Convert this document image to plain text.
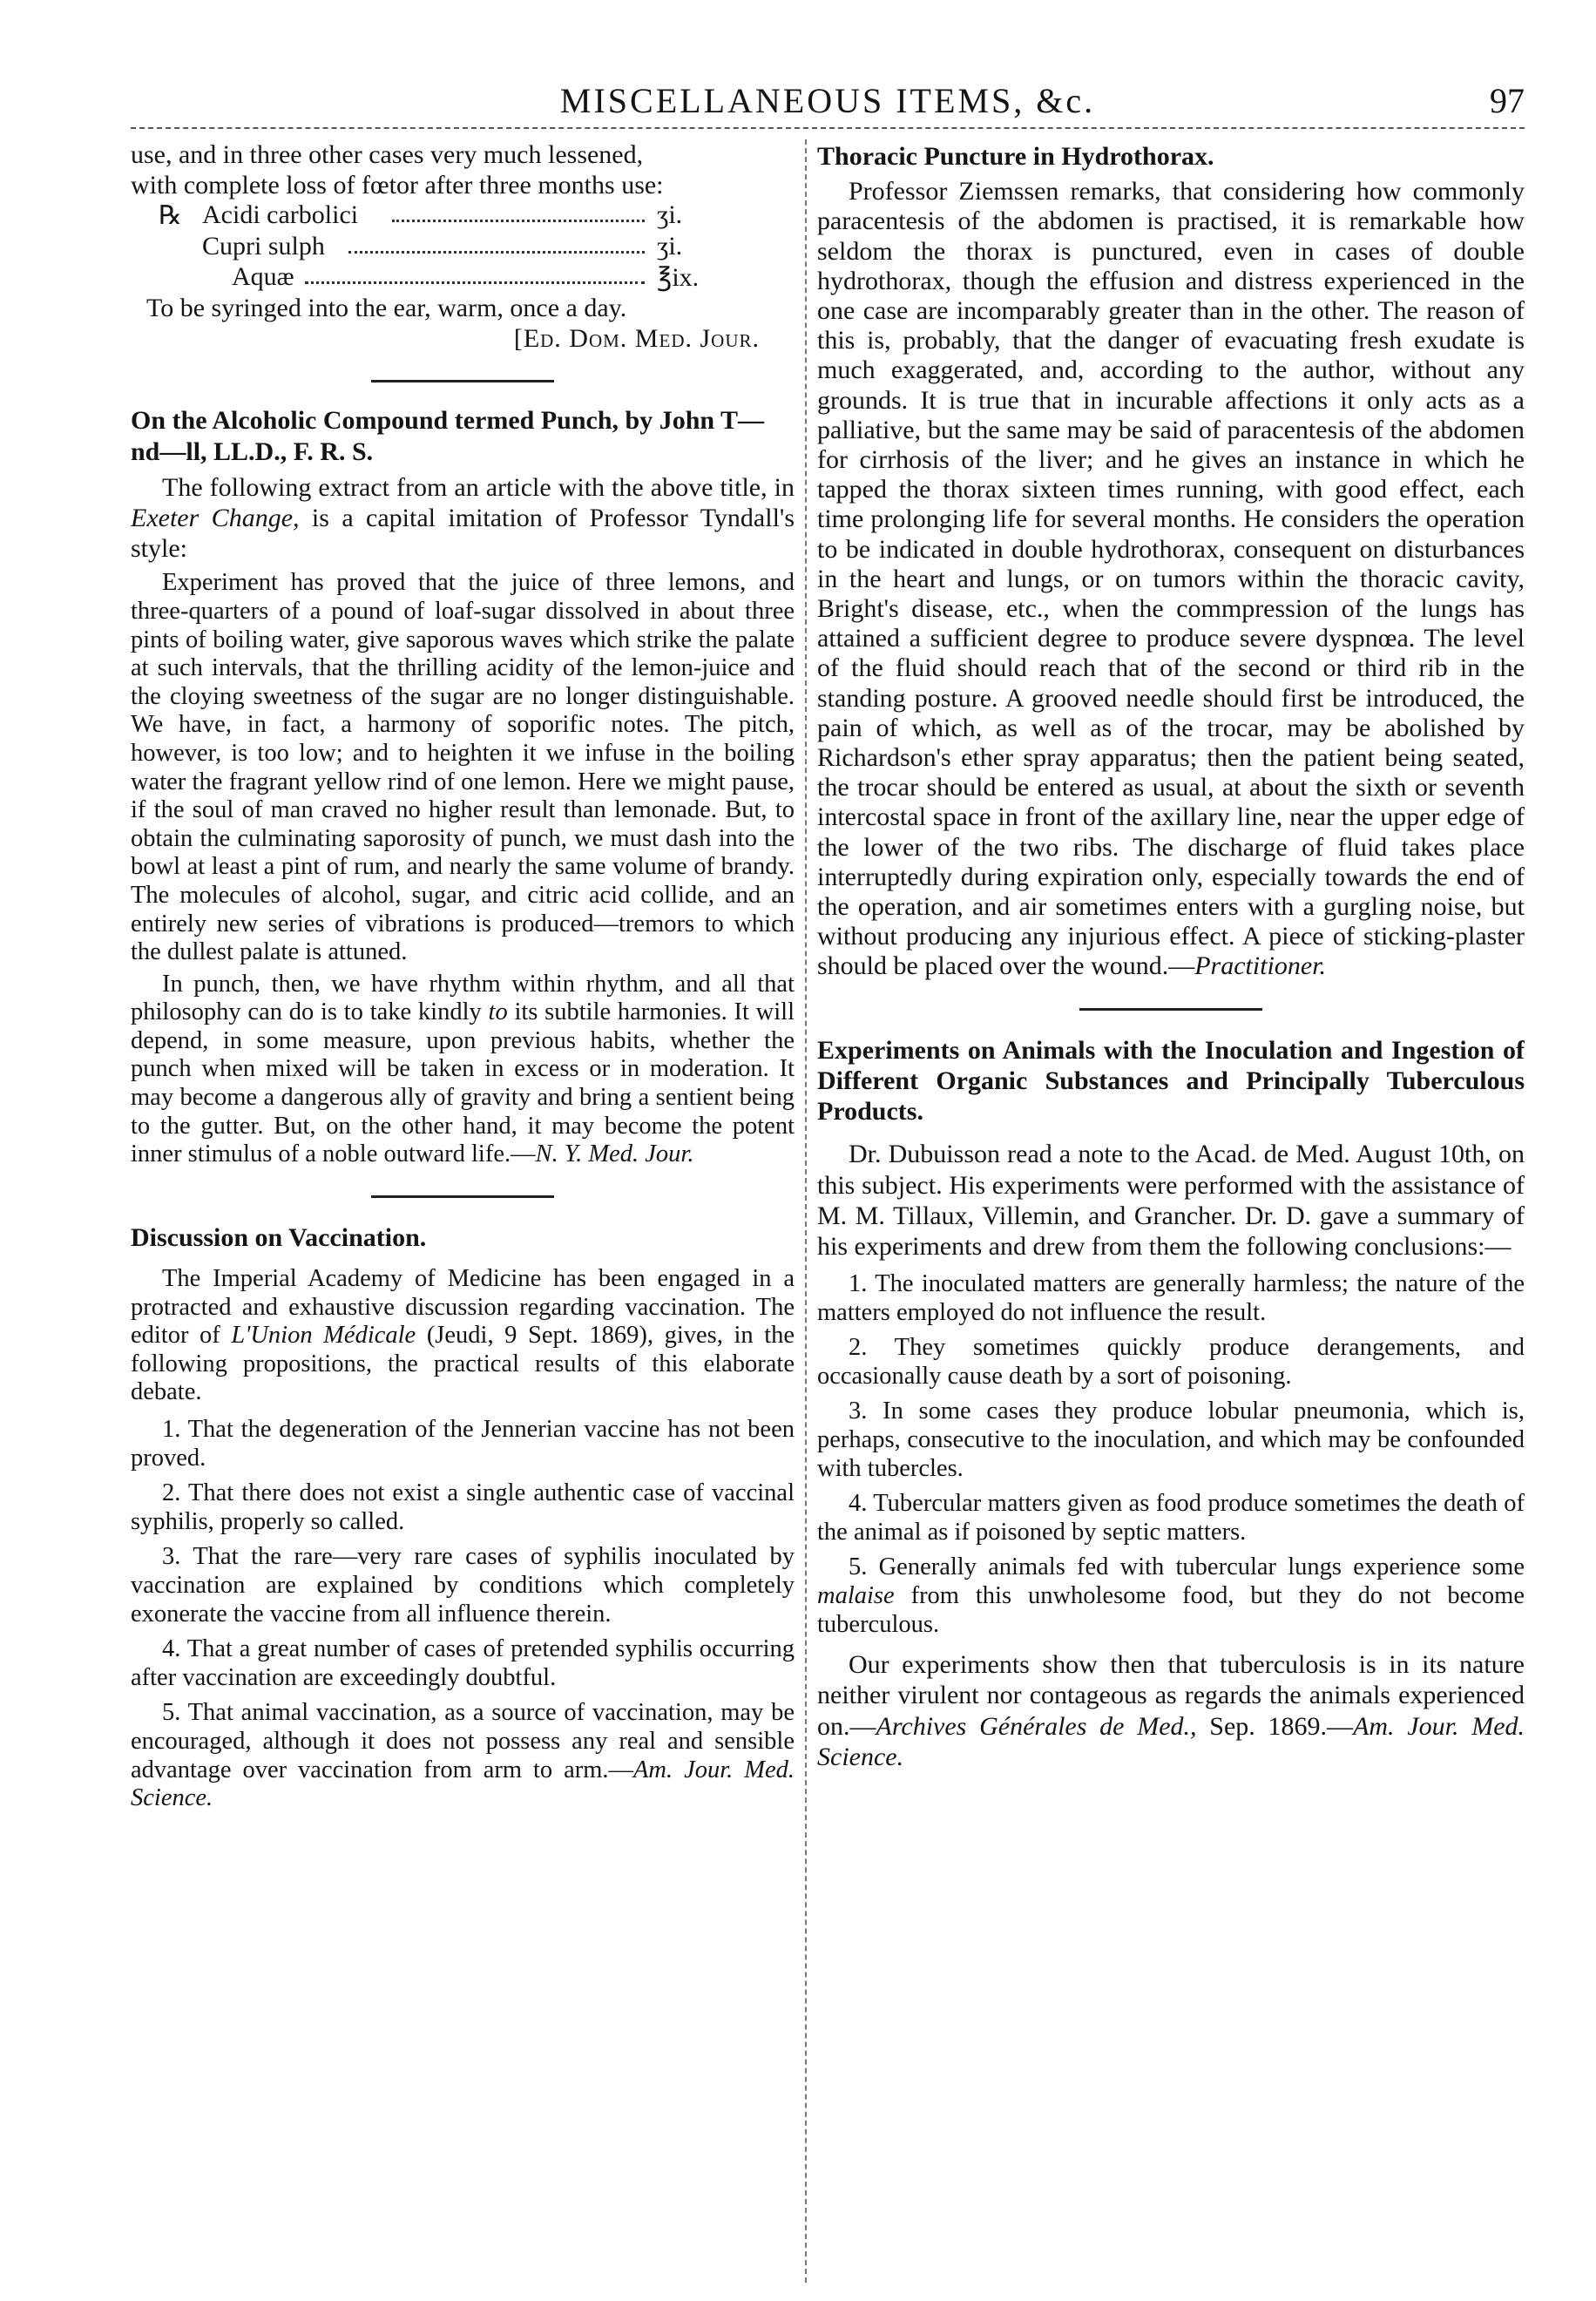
MISCELLANEOUS ITEMS, &c.	97

use, and in three other cases very much lessened,

with complete loss of fœtor after three months use:

℞ Acidi carbolici	ʒi.
Cupri sulph	ʒi.
Aquæ	℥ix.

To be syringed into the ear, warm, once a day.

[Ed. Dom. Med. Jour.

On the Alcoholic Compound termed Punch, by John T—nd—ll, LL.D., F. R. S.

The following extract from an article with the above title, in Exeter Change, is a capital imitation of Professor Tyndall's style:

Experiment has proved that the juice of three lemons, and three-quarters of a pound of loaf-sugar dissolved in about three pints of boiling water, give saporous waves which strike the palate at such intervals, that the thrilling acidity of the lemon-juice and the cloying sweetness of the sugar are no longer distinguishable. We have, in fact, a harmony of soporific notes. The pitch, however, is too low; and to heighten it we infuse in the boiling water the fragrant yellow rind of one lemon. Here we might pause, if the soul of man craved no higher result than lemonade. But, to obtain the culminating saporosity of punch, we must dash into the bowl at least a pint of rum, and nearly the same volume of brandy. The molecules of alcohol, sugar, and citric acid collide, and an entirely new series of vibrations is produced—tremors to which the dullest palate is attuned.

In punch, then, we have rhythm within rhythm, and all that philosophy can do is to take kindly to its subtile harmonies. It will depend, in some measure, upon previous habits, whether the punch when mixed will be taken in excess or in moderation. It may become a dangerous ally of gravity and bring a sentient being to the gutter. But, on the other hand, it may become the potent inner stimulus of a noble outward life.—N. Y. Med. Jour.

Discussion on Vaccination.

The Imperial Academy of Medicine has been engaged in a protracted and exhaustive discussion regarding vaccination. The editor of L'Union Médicale (Jeudi, 9 Sept. 1869), gives, in the following propositions, the practical results of this elaborate debate.

1. That the degeneration of the Jennerian vaccine has not been proved.

2. That there does not exist a single authentic case of vaccinal syphilis, properly so called.

3. That the rare—very rare cases of syphilis inoculated by vaccination are explained by conditions which completely exonerate the vaccine from all influence therein.

4. That a great number of cases of pretended syphilis occurring after vaccination are exceedingly doubtful.

5. That animal vaccination, as a source of vaccination, may be encouraged, although it does not possess any real and sensible advantage over vaccination from arm to arm.—Am. Jour. Med. Science.

Thoracic Puncture in Hydrothorax.

Professor Ziemssen remarks, that considering how commonly paracentesis of the abdomen is practised, it is remarkable how seldom the thorax is punctured, even in cases of double hydrothorax, though the effusion and distress experienced in the one case are incomparably greater than in the other. The reason of this is, probably, that the danger of evacuating fresh exudate is much exaggerated, and, according to the author, without any grounds. It is true that in incurable affections it only acts as a palliative, but the same may be said of paracentesis of the abdomen for cirrhosis of the liver; and he gives an instance in which he tapped the thorax sixteen times running, with good effect, each time prolonging life for several months. He considers the operation to be indicated in double hydrothorax, consequent on disturbances in the heart and lungs, or on tumors within the thoracic cavity, Bright's disease, etc., when the commpression of the lungs has attained a sufficient degree to produce severe dyspnœa. The level of the fluid should reach that of the second or third rib in the standing posture. A grooved needle should first be introduced, the pain of which, as well as of the trocar, may be abolished by Richardson's ether spray apparatus; then the patient being seated, the trocar should be entered as usual, at about the sixth or seventh intercostal space in front of the axillary line, near the upper edge of the lower of the two ribs. The discharge of fluid takes place interruptedly during expiration only, especially towards the end of the operation, and air sometimes enters with a gurgling noise, but without producing any injurious effect. A piece of sticking-plaster should be placed over the wound.—Practitioner.

Experiments on Animals with the Inoculation and Ingestion of Different Organic Substances and Principally Tuberculous Products.

Dr. Dubuisson read a note to the Acad. de Med. August 10th, on this subject. His experiments were performed with the assistance of M. M. Tillaux, Villemin, and Grancher. Dr. D. gave a summary of his experiments and drew from them the following conclusions:—

1. The inoculated matters are generally harmless; the nature of the matters employed do not influence the result.

2. They sometimes quickly produce derangements, and occasionally cause death by a sort of poisoning.

3. In some cases they produce lobular pneumonia, which is, perhaps, consecutive to the inoculation, and which may be confounded with tubercles.

4. Tubercular matters given as food produce sometimes the death of the animal as if poisoned by septic matters.

5. Generally animals fed with tubercular lungs experience some malaise from this unwholesome food, but they do not become tuberculous.

Our experiments show then that tuberculosis is in its nature neither virulent nor contageous as regards the animals experienced on.—Archives Générales de Med., Sep. 1869.—Am. Jour. Med. Science.
